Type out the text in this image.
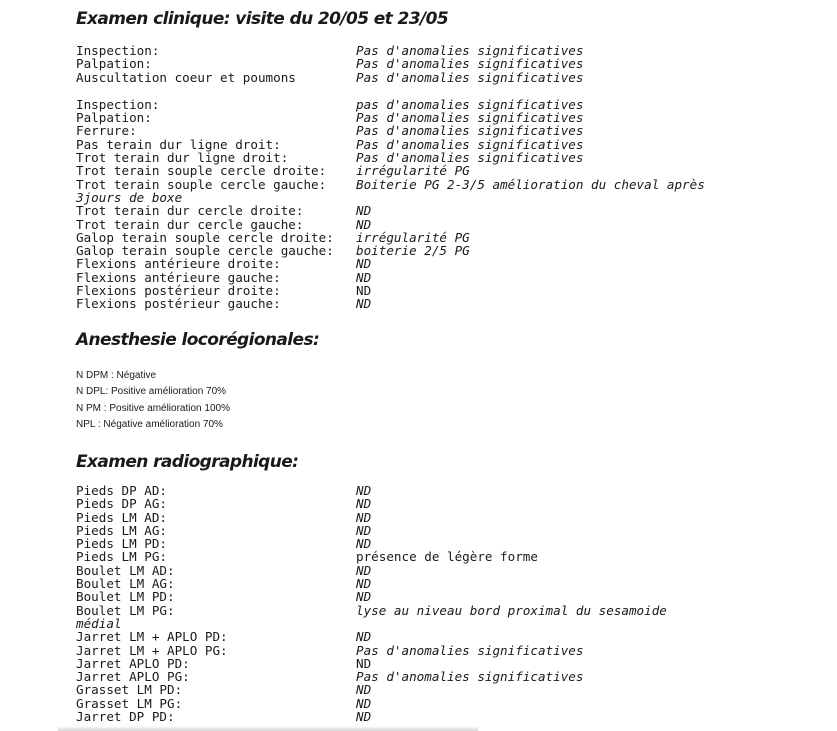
Examen clinique: visite du 20/05 et 23/05
Inspection:	Pas d'anomalies significatives
Palpation:	Pas d'anomalies significatives
Auscultation coeur et poumons	Pas d'anomalies significatives
Inspection:	pas d'anomalies significatives
Palpation:	Pas d'anomalies significatives
Ferrure:	Pas d'anomalies significatives
Pas terain dur ligne droit:	Pas d'anomalies significatives
Trot terain dur ligne droit:	Pas d'anomalies significatives
Trot terain souple cercle droite:	irrégularité PG
Trot terain souple cercle gauche:	Boiterie PG 2-3/5 amélioration du cheval après
3jours de boxe
Trot terain dur cercle droite:	ND
Trot terain dur cercle gauche:	ND
Galop terain souple cercle droite:	irrégularité PG
Galop terain souple cercle gauche:	boiterie 2/5 PG
Flexions antérieure droite:	ND
Flexions antérieure gauche:	ND
Flexions postérieur droite:	ND
Flexions postérieur gauche:	ND
Anesthesie locorégionales:
N DPM : Négative
N DPL: Positive amélioration 70%
N PM : Positive amélioration 100%
NPL : Négative amélioration 70%
Examen radiographique:
Pieds DP AD:	ND
Pieds DP AG:	ND
Pieds LM AD:	ND
Pieds LM AG:	ND
Pieds LM PD:	ND
Pieds LM PG:	présence de légère forme
Boulet LM AD:	ND
Boulet LM AG:	ND
Boulet LM PD:	ND
Boulet LM PG:	lyse au niveau bord proximal du sesamoide
médial
Jarret LM + APLO PD:	ND
Jarret LM + APLO PG:	Pas d'anomalies significatives
Jarret APLO PD:	ND
Jarret APLO PG:	Pas d'anomalies significatives
Grasset LM PD:	ND
Grasset LM PG:	ND
Jarret DP PD:	ND
